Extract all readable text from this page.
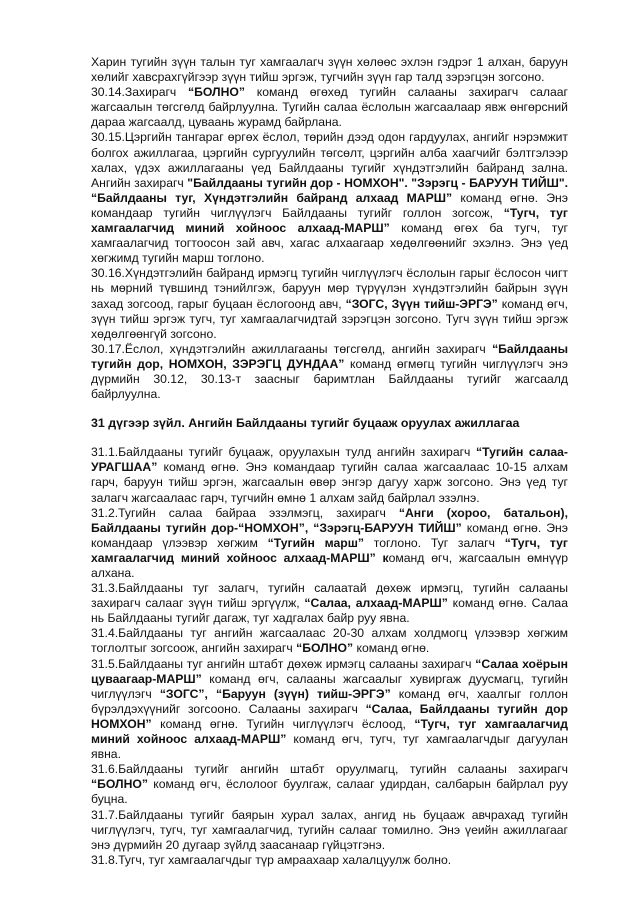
Харин тугийн зүүн талын туг хамгаалагч зүүн хөлөөс эхлэн гэдрэг 1 алхан, баруун хөлийг хавсрахгүйгээр зүүн тийш эргэж, тугчийн зүүн гар талд зэрэгцэн зогсоно.

30.14.Захирагч “БОЛНО” команд өгөхөд тугийн салааны захирагч салааг жагсаалын төгсгөлд байрлуулна. Тугийн салаа ёслолын жагсаалаар явж өнгөрсний дараа жагсаалд, цуваань журамд байрлана.

30.15.Цэргийн тангараг өргөх ёслол, төрийн дээд одон гардуулах, ангийг нэрэмжит болгох ажиллагаа, цэргийн сургуулийн төгсөлт, цэргийн алба хаагчийг бэлтгэлээр халах, үдэх ажиллагааны үед Байлдааны тугийг хүндэтгэлийн байранд зална. Ангийн захирагч "Байлдааны тугийн дор - НОМХОН". "Зэрэгц - БАРУУН ТИЙШ". “Байлдааны туг, Хүндэтгэлийн байранд алхаад МАРШ” команд өгнө. Энэ командаар тугийн чиглүүлэгч Байлдааны тугийг голлон зогсож, “Тугч, туг хамгаалагчид миний хойноос алхаад-МАРШ” команд өгөх ба тугч, туг хамгаалагчид тогтоосон зай авч, хагас алхаагаар хөдөлгөөнийг эхэлнэ. Энэ үед хөгжимд тугийн марш тоглоно.

30.16.Хүндэтгэлийн байранд ирмэгц тугийн чиглүүлэгч ёслолын гарыг ёслосон чигт нь мөрний түвшинд тэнийлгэж, баруун мөр түрүүлэн хүндэтгэлийн байрын зүүн захад зогсоод, гарыг буцаан ёслогоонд авч, “ЗОГС, Зүүн тийш-ЭРГЭ” команд өгч, зүүн тийш эргэж тугч, туг хамгаалагчидтай зэрэгцэн зогсоно. Тугч зүүн тийш эргэж хөдөлгөөнгүй зогсоно.

30.17.Ёслол, хүндэтгэлийн ажиллагааны төгсгөлд, ангийн захирагч “Байлдааны тугийн дор, НОМХОН, ЗЭРЭГЦ ДУНДАА” команд өгмөгц тугийн чиглүүлэгч энэ дүрмийн 30.12, 30.13-т заасныг баримтлан Байлдааны тугийг жагсаалд байрлуулна.

31 дүгээр зүйл. Ангийн Байлдааны тугийг буцааж оруулах ажиллагаа

31.1.Байлдааны тугийг буцааж, оруулахын тулд ангийн захирагч “Тугийн салаа-УРАГШАА” команд өгнө. Энэ командаар тугийн салаа жагсаалаас 10-15 алхам гарч, баруун тийш эргэн, жагсаалын өвөр энгэр дагуу харж зогсоно. Энэ үед туг залагч жагсаалаас гарч, тугчийн өмнө 1 алхам зайд байрлал эзэлнэ.

31.2.Тугийн салаа байраа эзэлмэгц, захирагч “Анги (хороо, батальон), Байлдааны тугийн дор-“НОМХОН”, “Зэрэгц-БАРУУН ТИЙШ” команд өгнө. Энэ командаар үлээвэр хөгжим “Тугийн марш” тоглоно. Туг залагч “Тугч, туг хамгаалагчид миний хойноос алхаад-МАРШ” команд өгч, жагсаалын өмнүүр алхана.

31.3.Байлдааны туг залагч, тугийн салаатай дөхөж ирмэгц, тугийн салааны захирагч салааг зүүн тийш эргүүлж, “Салаа, алхаад-МАРШ” команд өгнө. Салаа нь Байлдааны тугийг дагаж, туг хадгалах байр руу явна.

31.4.Байлдааны туг ангийн жагсаалаас 20-30 алхам холдмогц үлээвэр хөгжим тоглолтыг зогсоож, ангийн захирагч “БОЛНО” команд өгнө.

31.5.Байлдааны туг ангийн штабт дөхөж ирмэгц салааны захирагч “Салаа хоёрын цуваагаар-МАРШ” команд өгч, салааны жагсаалыг хувиргаж дуусмагц, тугийн чиглүүлэгч “ЗОГС”, “Баруун (зүүн) тийш-ЭРГЭ” команд өгч, хаалгыг голлон бүрэлдэхүүнийг зогсооно. Салааны захирагч “Салаа, Байлдааны тугийн дор НОМХОН” команд өгнө. Тугийн чиглүүлэгч ёслоод, “Тугч, туг хамгаалагчид миний хойноос алхаад-МАРШ” команд өгч, тугч, туг хамгаалагчдыг дагуулан явна.

31.6.Байлдааны тугийг ангийн штабт оруулмагц, тугийн салааны захирагч “БОЛНО” команд өгч, ёслолоог буулгаж, салааг удирдан, салбарын байрлал руу буцна.

31.7.Байлдааны тугийг баярын хурал залах, ангид нь буцааж авчрахад тугийн чиглүүлэгч, тугч, туг хамгаалагчид, тугийн салааг томилно. Энэ үеийн ажиллагааг энэ дүрмийн 20 дугаар зүйлд заасанаар гүйцэтгэнэ.

31.8.Тугч, туг хамгаалагчдыг түр амраахаар халалцуулж болно.
